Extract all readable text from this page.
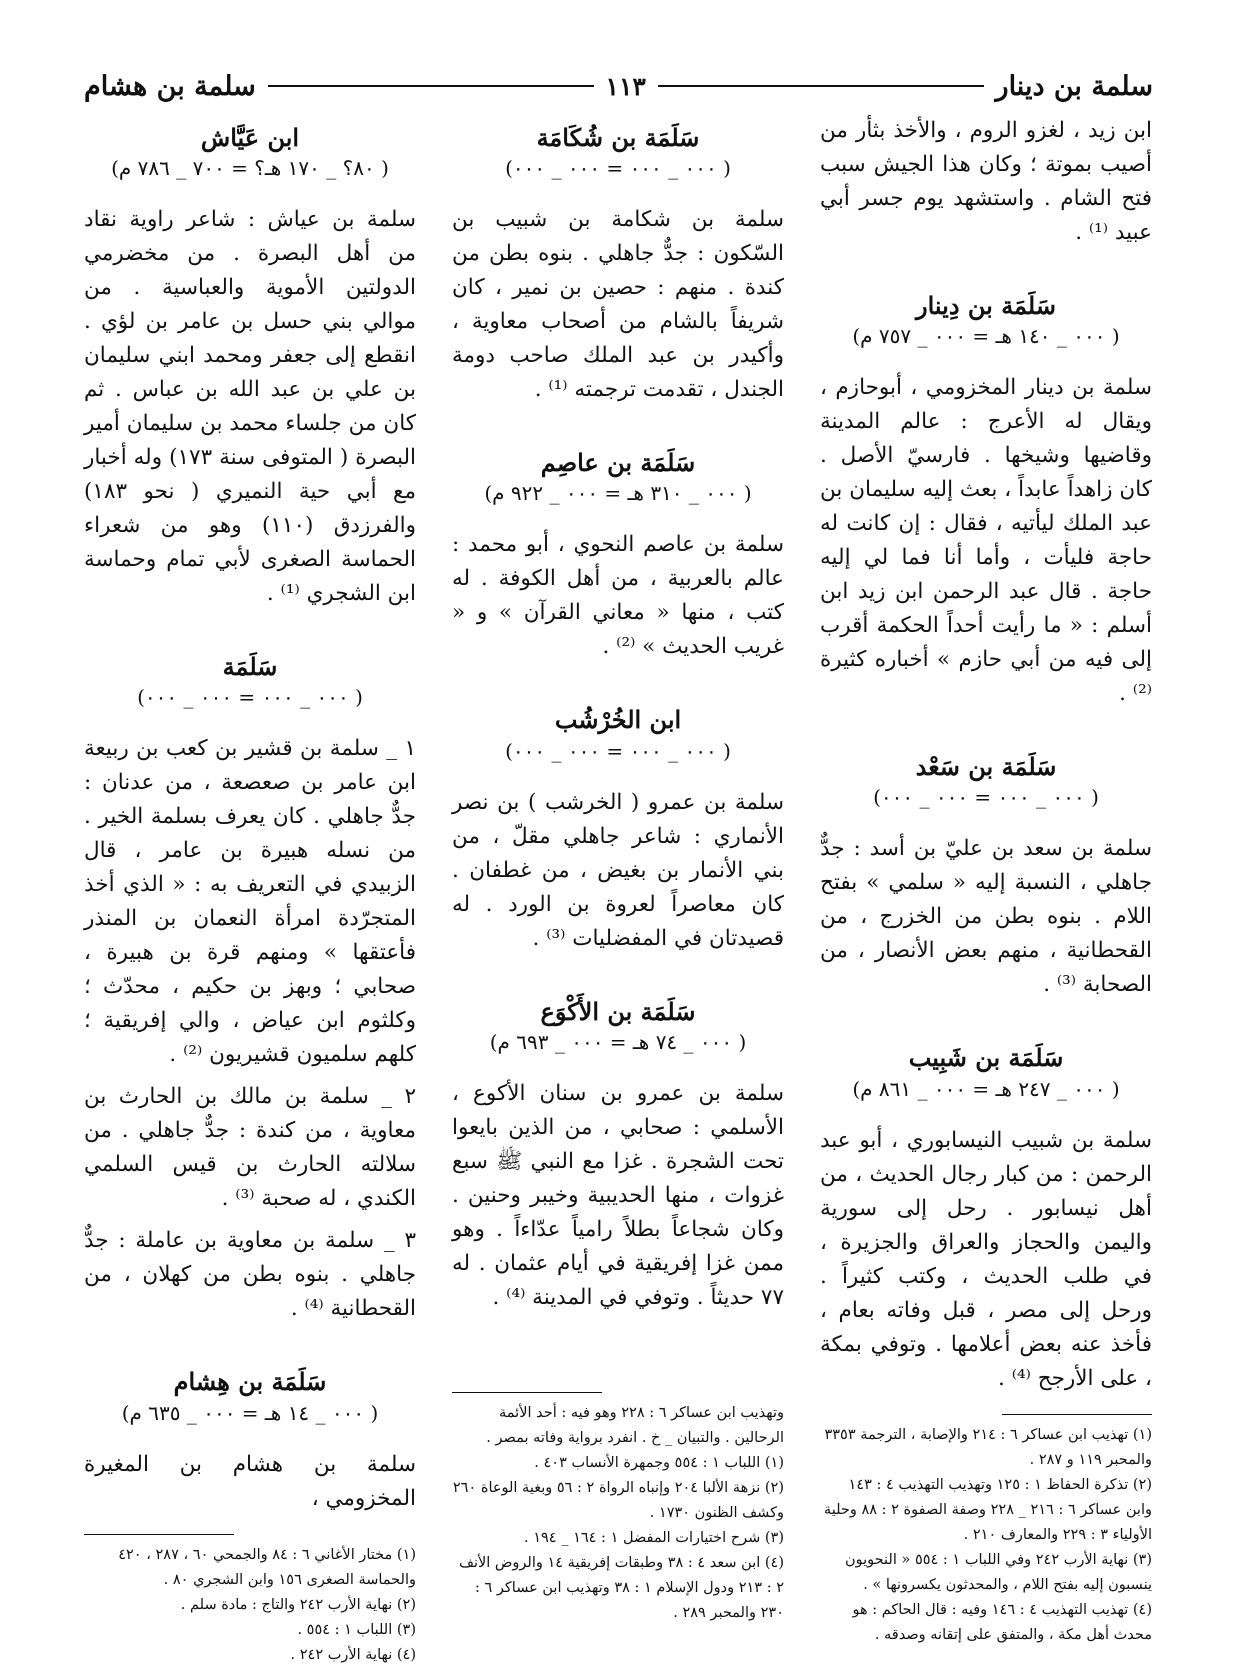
سلمة بن دينار
١١٣
سلمة بن هشام

ابن زيد ، لغزو الروم ، والأخذ بثأر من أصيب بموتة ؛ وكان هذا الجيش سبب فتح الشام . واستشهد يوم جسر أبي عبيد ⁽¹⁾ .

سَلَمَة بن دِينار
( ٠٠٠ _ ١٤٠ هـ = ٠٠٠ _ ٧٥٧ م)

سلمة بن دينار المخزومي ، أبوحازم ، ويقال له الأعرج : عالم المدينة وقاضيها وشيخها . فارسيّ الأصل . كان زاهداً عابداً ، بعث إليه سليمان بن عبد الملك ليأتيه ، فقال : إن كانت له حاجة فليأت ، وأما أنا فما لي إليه حاجة . قال عبد الرحمن ابن زيد ابن أسلم : « ما رأيت أحداً الحكمة أقرب إلى فيه من أبي حازم » أخباره كثيرة ⁽²⁾ .

سَلَمَة بن سَعْد
( ٠٠٠ _ ٠٠٠ = ٠٠٠ _ ٠٠٠)

سلمة بن سعد بن عليّ بن أسد : جدٌّ جاهلي ، النسبة إليه « سلمي » بفتح اللام . بنوه بطن من الخزرج ، من القحطانية ، منهم بعض الأنصار ، من الصحابة ⁽³⁾ .

سَلَمَة بن شَبِيب
( ٠٠٠ _ ٢٤٧ هـ = ٠٠٠ _ ٨٦١ م)

سلمة بن شبيب النيسابوري ، أبو عبد الرحمن : من كبار رجال الحديث ، من أهل نيسابور . رحل إلى سورية واليمن والحجاز والعراق والجزيرة ، في طلب الحديث ، وكتب كثيراً . ورحل إلى مصر ، قبل وفاته بعام ، فأخذ عنه بعض أعلامها . وتوفي بمكة ، على الأرجح ⁽⁴⁾ .

(١) تهذيب ابن عساكر ٦ : ٢١٤ والإصابة ، الترجمة ٣٣٥٣ والمحبر ١١٩ و ٢٨٧ .

(٢) تذكرة الحفاظ ١ : ١٢٥ وتهذيب التهذيب ٤ : ١٤٣ وابن عساكر ٦ : ٢١٦ _ ٢٢٨ وصفة الصفوة ٢ : ٨٨ وحلية الأولياء ٣ : ٢٢٩ والمعارف ٢١٠ .

(٣) نهاية الأرب ٢٤٢ وفي اللباب ١ : ٥٥٤ « النحويون ينسبون إليه بفتح اللام ، والمحدثون يكسرونها » .

(٤) تهذيب التهذيب ٤ : ١٤٦ وفيه : قال الحاكم : هو محدث أهل مكة ، والمتفق على إتقانه وصدقه .

سَلَمَة بن شُكَامَة
( ٠٠٠ _ ٠٠٠ = ٠٠٠ _ ٠٠٠)

سلمة بن شكامة بن شبيب بن السّكون : جدٌّ جاهلي . بنوه بطن من كندة . منهم : حصين بن نمير ، كان شريفاً بالشام من أصحاب معاوية ، وأكيدر بن عبد الملك صاحب دومة الجندل ، تقدمت ترجمته ⁽¹⁾ .

سَلَمَة بن عاصِم
( ٠٠٠ _ ٣١٠ هـ = ٠٠٠ _ ٩٢٢ م)

سلمة بن عاصم النحوي ، أبو محمد : عالم بالعربية ، من أهل الكوفة . له كتب ، منها « معاني القرآن » و « غريب الحديث » ⁽²⁾ .

ابن الخُرْشُب
( ٠٠٠ _ ٠٠٠ = ٠٠٠ _ ٠٠٠)

سلمة بن عمرو ( الخرشب ) بن نصر الأنماري : شاعر جاهلي مقلّ ، من بني الأنمار بن بغيض ، من غطفان . كان معاصراً لعروة بن الورد . له قصيدتان في المفضليات ⁽³⁾ .

سَلَمَة بن الأَكْوَع
( ٠٠٠ _ ٧٤ هـ = ٠٠٠ _ ٦٩٣ م)

سلمة بن عمرو بن سنان الأكوع ، الأسلمي : صحابي ، من الذين بايعوا تحت الشجرة . غزا مع النبي ﷺ سبع غزوات ، منها الحديبية وخيبر وحنين . وكان شجاعاً بطلاً رامياً عدّاءاً . وهو ممن غزا إفريقية في أيام عثمان . له ٧٧ حديثاً . وتوفي في المدينة ⁽⁴⁾ .

وتهذيب ابن عساكر ٦ : ٢٢٨ وهو فيه : أحد الأئمة الرحالين . والتبيان _ خ . انفرد برواية وفاته بمصر .

(١) اللباب ١ : ٥٥٤ وجمهرة الأنساب ٤٠٣ .

(٢) نزهة الألبا ٢٠٤ وإنباه الرواة ٢ : ٥٦ وبغية الوعاة ٢٦٠ وكشف الظنون ١٧٣٠ .

(٣) شرح اختيارات المفضل ١ : ١٦٤ _ ١٩٤ .

(٤) ابن سعد ٤ : ٣٨ وطبقات إفريقية ١٤ والروض الأنف ٢ : ٢١٣ ودول الإسلام ١ : ٣٨ وتهذيب ابن عساكر ٦ : ٢٣٠ والمحبر ٢٨٩ .

ابن عَيَّاش
( ٨٠؟ _ ١٧٠ هـ؟ = ٧٠٠ _ ٧٨٦ م)

سلمة بن عياش : شاعر راوية نقاد من أهل البصرة . من مخضرمي الدولتين الأموية والعباسية . من موالي بني حسل بن عامر بن لؤي . انقطع إلى جعفر ومحمد ابني سليمان بن علي بن عبد الله بن عباس . ثم كان من جلساء محمد بن سليمان أمير البصرة ( المتوفى سنة ١٧٣) وله أخبار مع أبي حية النميري ( نحو ١٨٣) والفرزدق (١١٠) وهو من شعراء الحماسة الصغرى لأبي تمام وحماسة ابن الشجري ⁽¹⁾ .

سَلَمَة
( ٠٠٠ _ ٠٠٠ = ٠٠٠ _ ٠٠٠)

١ _ سلمة بن قشير بن كعب بن ربيعة ابن عامر بن صعصعة ، من عدنان : جدٌّ جاهلي . كان يعرف بسلمة الخير . من نسله هبيرة بن عامر ، قال الزبيدي في التعريف به : « الذي أخذ المتجرّدة امرأة النعمان بن المنذر فأعتقها » ومنهم قرة بن هبيرة ، صحابي ؛ وبهز بن حكيم ، محدّث ؛ وكلثوم ابن عياض ، والي إفريقية ؛ كلهم سلميون قشيريون ⁽²⁾ .

٢ _ سلمة بن مالك بن الحارث بن معاوية ، من كندة : جدٌّ جاهلي . من سلالته الحارث بن قيس السلمي الكندي ، له صحبة ⁽³⁾ .

٣ _ سلمة بن معاوية بن عاملة : جدٌّ جاهلي . بنوه بطن من كهلان ، من القحطانية ⁽⁴⁾ .

سَلَمَة بن هِشام
( ٠٠٠ _ ١٤ هـ = ٠٠٠ _ ٦٣٥ م)

سلمة بن هشام بن المغيرة المخزومي ،

(١) مختار الأغاني ٦ : ٨٤ والجمحي ٦٠ ، ٢٨٧ ، ٤٢٠ والحماسة الصغرى ١٥٦ وابن الشجري ٨٠ .

(٢) نهاية الأرب ٢٤٢ والتاج : مادة سلم .

(٣) اللباب ١ : ٥٥٤ .

(٤) نهاية الأرب ٢٤٢ .
